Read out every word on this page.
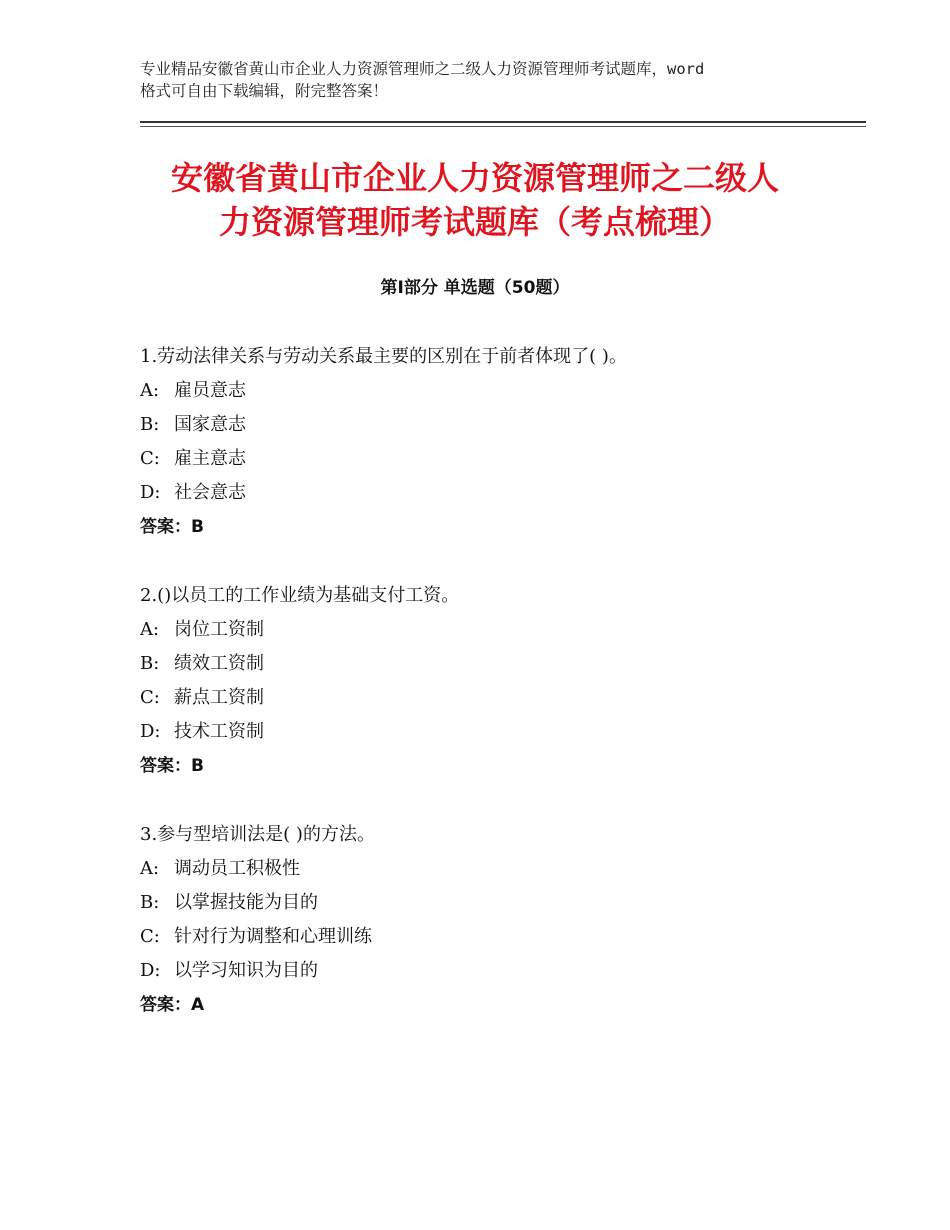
专业精品安徽省黄山市企业人力资源管理师之二级人力资源管理师考试题库，word
格式可自由下载编辑，附完整答案！
安徽省黄山市企业人力资源管理师之二级人
力资源管理师考试题库（考点梳理）
第Ⅰ部分 单选题（50题）
1.劳动法律关系与劳动关系最主要的区别在于前者体现了( )。
A: 雇员意志
B: 国家意志
C: 雇主意志
D: 社会意志
答案：B
2.()以员工的工作业绩为基础支付工资。
A: 岗位工资制
B: 绩效工资制
C: 薪点工资制
D: 技术工资制
答案：B
3.参与型培训法是( )的方法。
A: 调动员工积极性
B: 以掌握技能为目的
C: 针对行为调整和心理训练
D: 以学习知识为目的
答案：A
